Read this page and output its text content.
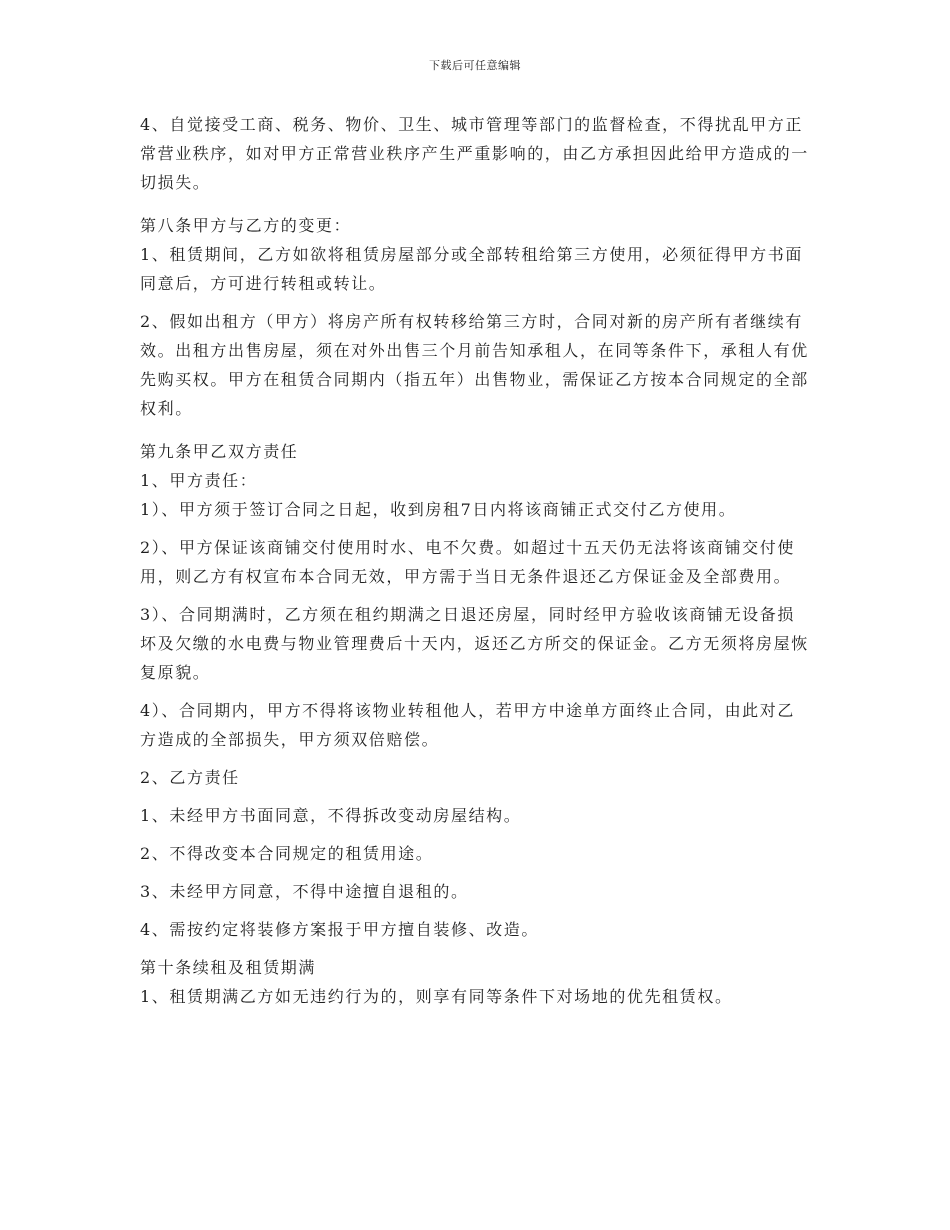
下载后可任意编辑

4、自觉接受工商、税务、物价、卫生、城市管理等部门的监督检查，不得扰乱甲方正常营业秩序，如对甲方正常营业秩序产生严重影响的，由乙方承担因此给甲方造成的一切损失。

第八条甲方与乙方的变更：

1、租赁期间，乙方如欲将租赁房屋部分或全部转租给第三方使用，必须征得甲方书面同意后，方可进行转租或转让。

2、假如出租方（甲方）将房产所有权转移给第三方时，合同对新的房产所有者继续有效。出租方出售房屋，须在对外出售三个月前告知承租人，在同等条件下，承租人有优先购买权。甲方在租赁合同期内（指五年）出售物业，需保证乙方按本合同规定的全部权利。

第九条甲乙双方责任

1、甲方责任：

1）、甲方须于签订合同之日起，收到房租7日内将该商铺正式交付乙方使用。

2）、甲方保证该商铺交付使用时水、电不欠费。如超过十五天仍无法将该商铺交付使用，则乙方有权宣布本合同无效，甲方需于当日无条件退还乙方保证金及全部费用。

3）、合同期满时，乙方须在租约期满之日退还房屋，同时经甲方验收该商铺无设备损坏及欠缴的水电费与物业管理费后十天内，返还乙方所交的保证金。乙方无须将房屋恢复原貌。

4）、合同期内，甲方不得将该物业转租他人，若甲方中途单方面终止合同，由此对乙方造成的全部损失，甲方须双倍赔偿。

2、乙方责任

1、未经甲方书面同意，不得拆改变动房屋结构。

2、不得改变本合同规定的租赁用途。

3、未经甲方同意，不得中途擅自退租的。

4、需按约定将装修方案报于甲方擅自装修、改造。

第十条续租及租赁期满

1、租赁期满乙方如无违约行为的，则享有同等条件下对场地的优先租赁权。
